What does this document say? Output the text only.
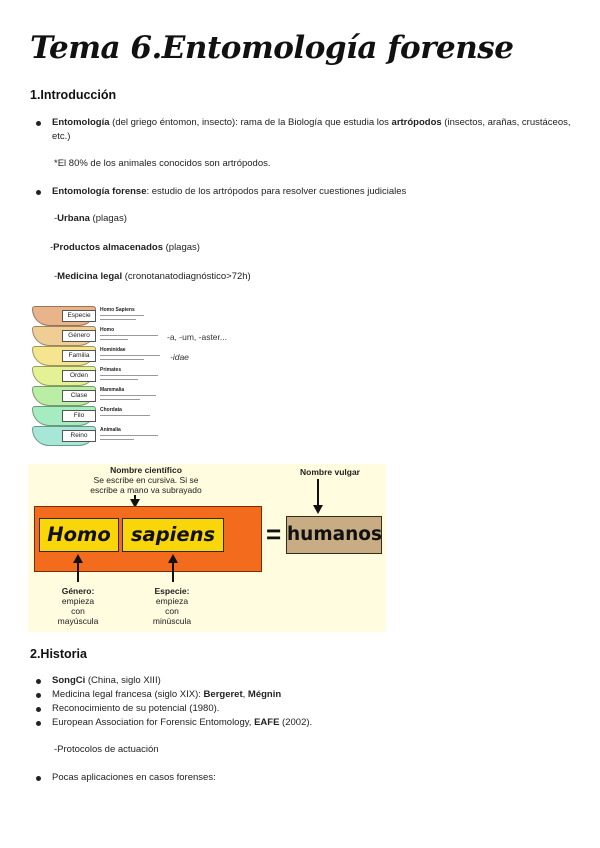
Tema 6.Entomología forense
1.Introducción
Entomología (del griego éntomon, insecto): rama de la Biología que estudia los artrópodos (insectos, arañas, crustáceos, etc.)
*El 80% de los animales conocidos son artrópodos.
Entomología forense: estudio de los artrópodos para resolver cuestiones judiciales
-Urbana (plagas)
-Productos almacenados (plagas)
-Medicina legal (cronotanatodiagnóstico>72h)
Especie
Homo Sapiens
Género
Homo
Familia
Hominidae
Orden
Primates
Clase
Mammalia
Filo
Chordata
Reino
Animalia
-a, -um, -aster...
-idae
Nombre científico
Se escribe en cursiva. Si se
escribe a mano va subrayado
Nombre vulgar
Homo	sapiens	= humanos
Género:
empieza
con
mayúscula
Especie:
empieza
con
minúscula
2.Historia
SongCi (China, siglo XIII)
Medicina legal francesa (siglo XIX): Bergeret, Mégnin
Reconocimiento de su potencial (1980).
European Association for Forensic Entomology, EAFE (2002).
-Protocolos de actuación
Pocas aplicaciones en casos forenses:
